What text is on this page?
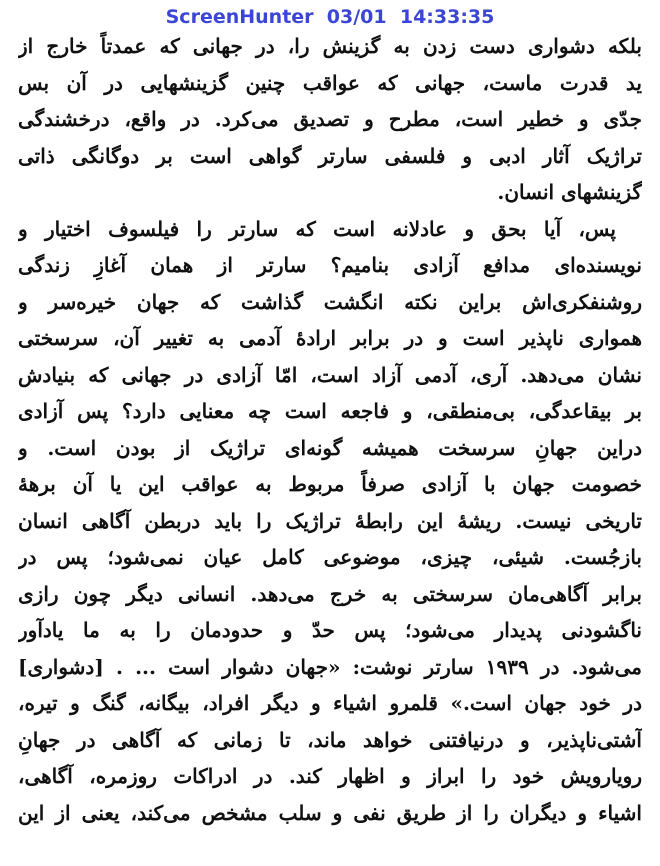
ScreenHunter 03/01 14:33:35
بلکه دشواری دست زدن به گزینش را، در جهانی که عمدتاً خارج از
ید قدرت ماست، جهانی که عواقب چنین گزینشهایی در آن بس
جدّی و خطیر است، مطرح و تصدیق می‌کرد. در واقع، درخشندگی
تراژیک آثار ادبی و فلسفی سارتر گواهی است بر دوگانگی ذاتی
گزینشهای انسان.
پس، آیا بحق و عادلانه است که سارتر را فیلسوف اختیار و
نویسنده‌ای مدافع آزادی بنامیم؟ سارتر از همان آغازِ زندگی
روشنفکری‌اش براین نکته انگشت گذاشت که جهان خیره‌سر و
همواری ناپذیر است و در برابر ارادهٔ آدمی به تغییر آن، سرسختی
نشان می‌دهد. آری، آدمی آزاد است، امّا آزادی در جهانی که بنیادش
بر بیقاعدگی، بی‌منطقی، و فاجعه است چه معنایی دارد؟ پس آزادی
دراین جهانِ سرسخت همیشه گونه‌ای تراژیک از بودن است. و
خصومت جهان با آزادی صرفاً مربوط به عواقب این یا آن برههٔ
تاریخی نیست. ریشهٔ این رابطهٔ تراژیک را باید دربطن آگاهی انسان
بازجُست. شیئی، چیزی، موضوعی کامل عیان نمی‌شود؛ پس در
برابر آگاهی‌مان سرسختی به خرج می‌دهد. انسانی دیگر چون رازی
ناگشودنی پدیدار می‌شود؛ پس حدّ و حدودمان را به ما یادآور
می‌شود. در ۱۹۳۹ سارتر نوشت: «جهان دشوار است ... . [دشواری]
در خود جهان است.» قلمرو اشیاء و دیگر افراد، بیگانه، گنگ و تیره،
آشتی‌ناپذیر، و درنیافتنی خواهد ماند، تا زمانی که آگاهی در جهانِ
رویارویش خود را ابراز و اظهار کند. در ادراکات روزمره، آگاهی،
اشیاء و دیگران را از طریق نفی و سلب مشخص می‌کند، یعنی از این
